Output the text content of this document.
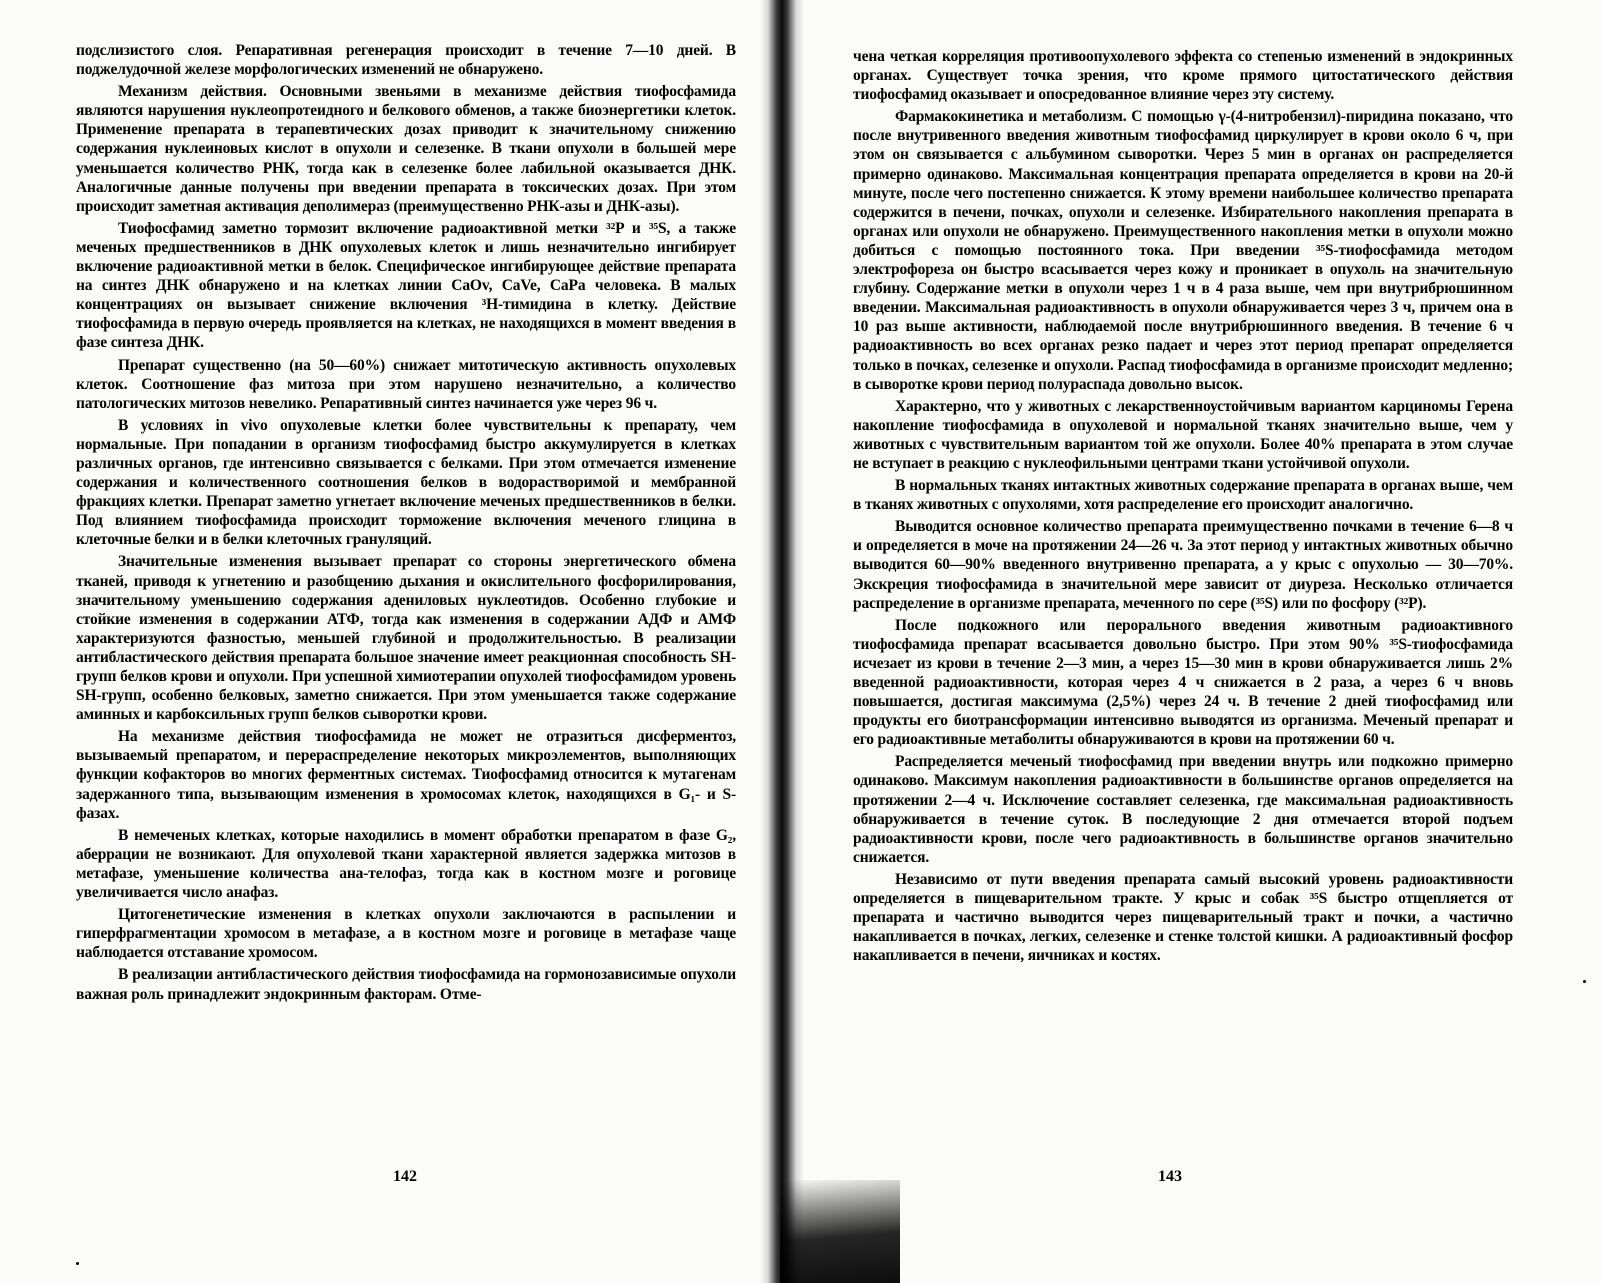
подслизистого слоя. Репаративная регенерация происходит в течение 7—10 дней. В поджелудочной железе морфологических изменений не обнаружено.

Механизм действия. Основными звеньями в механизме действия тиофосфамида являются нарушения нуклеопротеидного и белкового обменов, а также биоэнергетики клеток. Применение препарата в терапевтических дозах приводит к значительному снижению содержания нуклеиновых кислот в опухоли и селезенке. В ткани опухоли в большей мере уменьшается количество РНК, тогда как в селезенке более лабильной оказывается ДНК. Аналогичные данные получены при введении препарата в токсических дозах. При этом происходит заметная активация деполимераз (преимущественно РНК-азы и ДНК-азы).

Тиофосфамид заметно тормозит включение радиоактивной метки ³²P и ³⁵S, а также меченых предшественников в ДНК опухолевых клеток и лишь незначительно ингибирует включение радиоактивной метки в белок. Специфическое ингибирующее действие препарата на синтез ДНК обнаружено и на клетках линии CaOv, CaVe, CaPa человека. В малых концентрациях он вызывает снижение включения ³H-тимидина в клетку. Действие тиофосфамида в первую очередь проявляется на клетках, не находящихся в момент введения в фазе синтеза ДНК.

Препарат существенно (на 50—60%) снижает митотическую активность опухолевых клеток. Соотношение фаз митоза при этом нарушено незначительно, а количество патологических митозов невелико. Репаративный синтез начинается уже через 96 ч.

В условиях in vivo опухолевые клетки более чувствительны к препарату, чем нормальные. При попадании в организм тиофосфамид быстро аккумулируется в клетках различных органов, где интенсивно связывается с белками. При этом отмечается изменение содержания и количественного соотношения белков в водорастворимой и мембранной фракциях клетки. Препарат заметно угнетает включение меченых предшественников в белки. Под влиянием тиофосфамида происходит торможение включения меченого глицина в клеточные белки и в белки клеточных грануляций.

Значительные изменения вызывает препарат со стороны энергетического обмена тканей, приводя к угнетению и разобщению дыхания и окислительного фосфорилирования, значительному уменьшению содержания адениловых нуклеотидов. Особенно глубокие и стойкие изменения в содержании АТФ, тогда как изменения в содержании АДФ и АМФ характеризуются фазностью, меньшей глубиной и продолжительностью. В реализации антибластического действия препарата большое значение имеет реакционная способность SH-групп белков крови и опухоли. При успешной химиотерапии опухолей тиофосфамидом уровень SH-групп, особенно белковых, заметно снижается. При этом уменьшается также содержание аминных и карбоксильных групп белков сыворотки крови.

На механизме действия тиофосфамида не может не отразиться дисферментоз, вызываемый препаратом, и перераспределение некоторых микроэлементов, выполняющих функции кофакторов во многих ферментных системах. Тиофосфамид относится к мутагенам задержанного типа, вызывающим изменения в хромосомах клеток, находящихся в G₁- и S-фазах.

В немеченых клетках, которые находились в момент обработки препаратом в фазе G₂, аберрации не возникают. Для опухолевой ткани характерной является задержка митозов в метафазе, уменьшение количества ана-телофаз, тогда как в костном мозге и роговице увеличивается число анафаз.

Цитогенетические изменения в клетках опухоли заключаются в распылении и гиперфрагментации хромосом в метафазе, а в костном мозге и роговице в метафазе чаще наблюдается отставание хромосом.

В реализации антибластического действия тиофосфамида на гормонозависимые опухоли важная роль принадлежит эндокринным факторам. Отме-

142

чена четкая корреляция противоопухолевого эффекта со степенью изменений в эндокринных органах. Существует точка зрения, что кроме прямого цитостатического действия тиофосфамид оказывает и опосредованное влияние через эту систему.

Фармакокинетика и метаболизм. С помощью γ-(4-нитробензил)-пиридина показано, что после внутривенного введения животным тиофосфамид циркулирует в крови около 6 ч, при этом он связывается с альбумином сыворотки. Через 5 мин в органах он распределяется примерно одинаково. Максимальная концентрация препарата определяется в крови на 20-й минуте, после чего постепенно снижается. К этому времени наибольшее количество препарата содержится в печени, почках, опухоли и селезенке. Избирательного накопления препарата в органах или опухоли не обнаружено. Преимущественного накопления метки в опухоли можно добиться с помощью постоянного тока. При введении ³⁵S-тиофосфамида методом электрофореза он быстро всасывается через кожу и проникает в опухоль на значительную глубину. Содержание метки в опухоли через 1 ч в 4 раза выше, чем при внутрибрюшинном введении. Максимальная радиоактивность в опухоли обнаруживается через 3 ч, причем она в 10 раз выше активности, наблюдаемой после внутрибрюшинного введения. В течение 6 ч радиоактивность во всех органах резко падает и через этот период препарат определяется только в почках, селезенке и опухоли. Распад тиофосфамида в организме происходит медленно; в сыворотке крови период полураспада довольно высок.

Характерно, что у животных с лекарственноустойчивым вариантом карциномы Герена накопление тиофосфамида в опухолевой и нормальной тканях значительно выше, чем у животных с чувствительным вариантом той же опухоли. Более 40% препарата в этом случае не вступает в реакцию с нуклеофильными центрами ткани устойчивой опухоли.

В нормальных тканях интактных животных содержание препарата в органах выше, чем в тканях животных с опухолями, хотя распределение его происходит аналогично.

Выводится основное количество препарата преимущественно почками в течение 6—8 ч и определяется в моче на протяжении 24—26 ч. За этот период у интактных животных обычно выводится 60—90% введенного внутривенно препарата, а у крыс с опухолью — 30—70%. Экскреция тиофосфамида в значительной мере зависит от диуреза. Несколько отличается распределение в организме препарата, меченного по сере (³⁵S) или по фосфору (³²P).

После подкожного или перорального введения животным радиоактивного тиофосфамида препарат всасывается довольно быстро. При этом 90% ³⁵S-тиофосфамида исчезает из крови в течение 2—3 мин, а через 15—30 мин в крови обнаруживается лишь 2% введенной радиоактивности, которая через 4 ч снижается в 2 раза, а через 6 ч вновь повышается, достигая максимума (2,5%) через 24 ч. В течение 2 дней тиофосфамид или продукты его биотрансформации интенсивно выводятся из организма. Меченый препарат и его радиоактивные метаболиты обнаруживаются в крови на протяжении 60 ч.

Распределяется меченый тиофосфамид при введении внутрь или подкожно примерно одинаково. Максимум накопления радиоактивности в большинстве органов определяется на протяжении 2—4 ч. Исключение составляет селезенка, где максимальная радиоактивность обнаруживается в течение суток. В последующие 2 дня отмечается второй подъем радиоактивности крови, после чего радиоактивность в большинстве органов значительно снижается.

Независимо от пути введения препарата самый высокий уровень радиоактивности определяется в пищеварительном тракте. У крыс и собак ³⁵S быстро отщепляется от препарата и частично выводится через пищеварительный тракт и почки, а частично накапливается в почках, легких, селезенке и стенке толстой кишки. А радиоактивный фосфор накапливается в печени, яичниках и костях.

143
